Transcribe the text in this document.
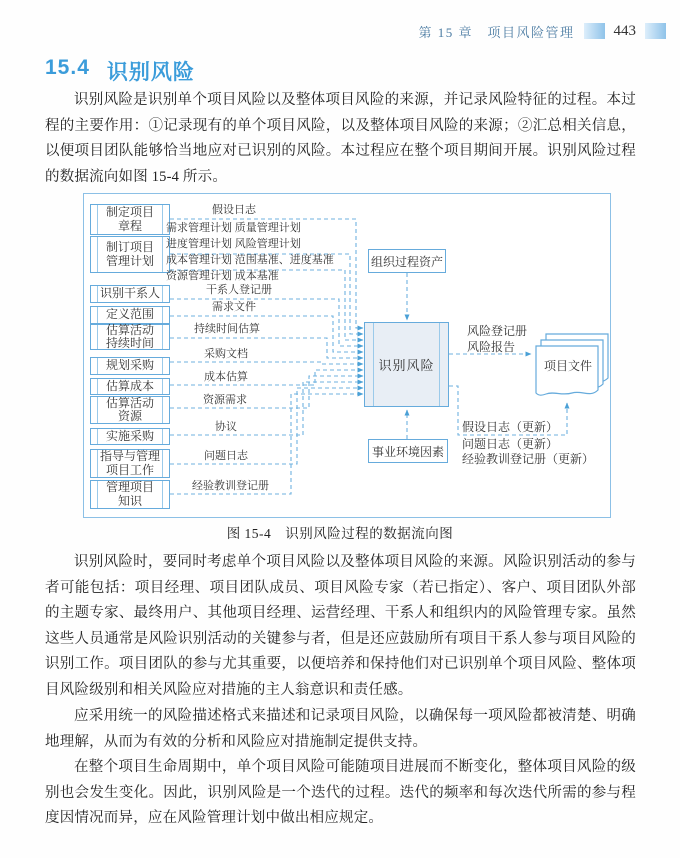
第 15 章　项目风险管理	443
15.4 识别风险

识别风险是识别单个项目风险以及整体项目风险的来源，并记录风险特征的过程。本过程的主要作用：①记录现有的单个项目风险，以及整体项目风险的来源；②汇总相关信息，以便项目团队能够恰当地应对已识别的风险。本过程应在整个项目期间开展。识别风险过程的数据流向如图 15-4 所示。

制定项目
章程
制订项目
管理计划
识别干系人
定义范围
估算活动
持续时间
规划采购
估算成本
估算活动
资源
实施采购
指导与管理
项目工作
管理项目
知识
假设日志
需求管理计划 质量管理计划
进度管理计划 风险管理计划
成本管理计划 范围基准、进度基准
资源管理计划 成本基准
干系人登记册
需求文件
持续时间估算
采购文档
成本估算
资源需求
协议
问题日志
经验教训登记册
组织过程资产
识别风险
事业环境因素
风险登记册
风险报告
项目文件
假设日志（更新）
问题日志（更新）
经验教训登记册（更新）
图 15-4　识别风险过程的数据流向图

识别风险时，要同时考虑单个项目风险以及整体项目风险的来源。风险识别活动的参与者可能包括：项目经理、项目团队成员、项目风险专家（若已指定）、客户、项目团队外部的主题专家、最终用户、其他项目经理、运营经理、干系人和组织内的风险管理专家。虽然这些人员通常是风险识别活动的关键参与者，但是还应鼓励所有项目干系人参与项目风险的识别工作。项目团队的参与尤其重要，以便培养和保持他们对已识别单个项目风险、整体项目风险级别和相关风险应对措施的主人翁意识和责任感。

应采用统一的风险描述格式来描述和记录项目风险，以确保每一项风险都被清楚、明确地理解，从而为有效的分析和风险应对措施制定提供支持。

在整个项目生命周期中，单个项目风险可能随项目进展而不断变化，整体项目风险的级别也会发生变化。因此，识别风险是一个迭代的过程。迭代的频率和每次迭代所需的参与程度因情况而异，应在风险管理计划中做出相应规定。
